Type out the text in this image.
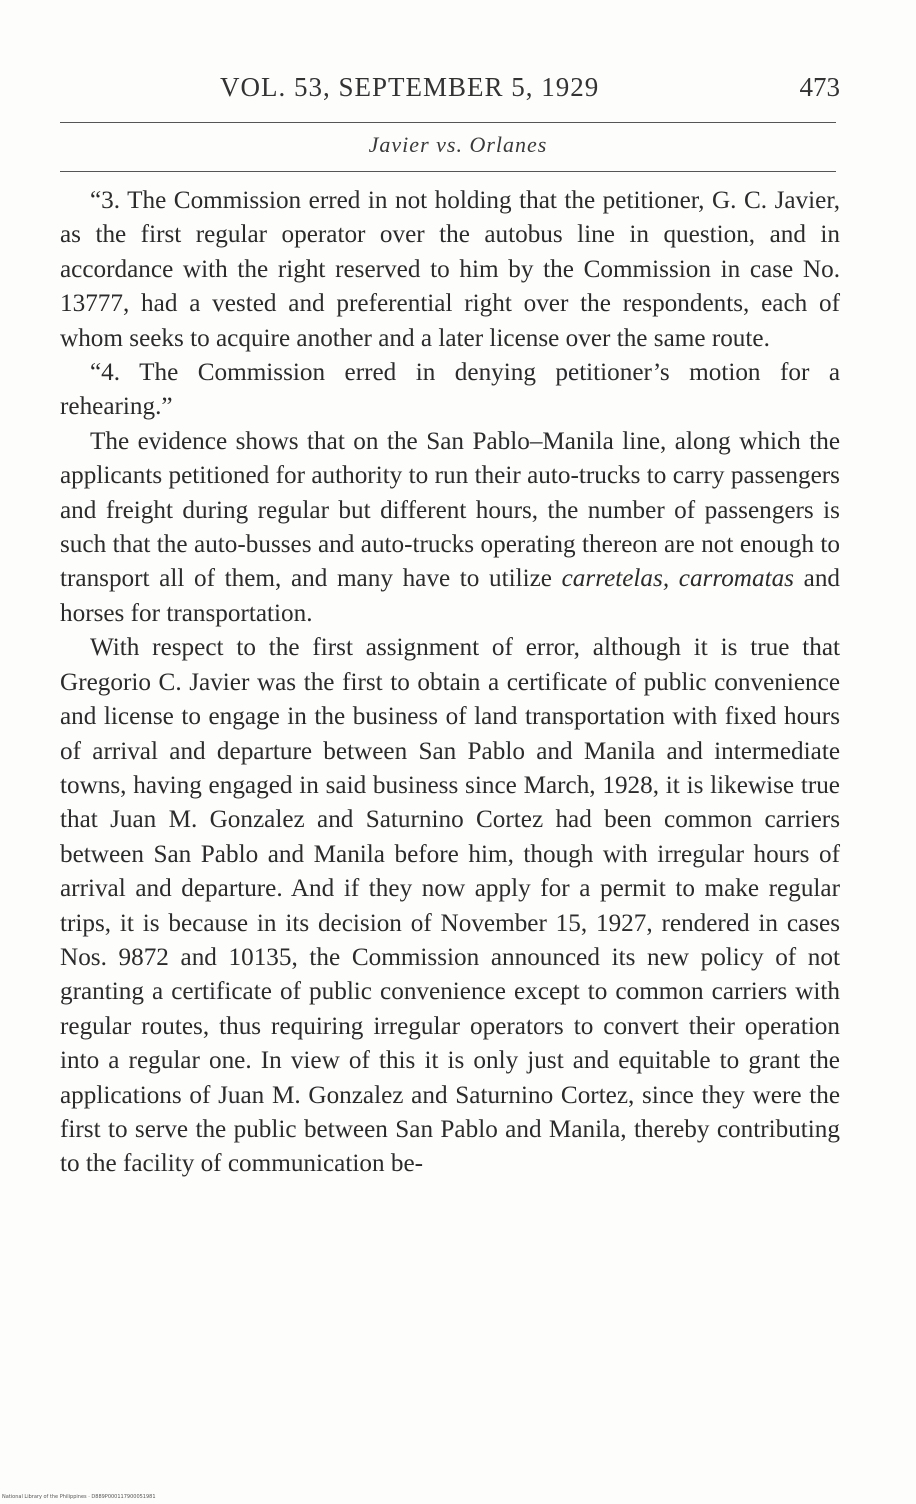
VOL. 53, SEPTEMBER 5, 1929	473
Javier vs. Orlanes

“3. The Commission erred in not holding that the petitioner, G. C. Javier, as the first regular operator over the autobus line in question, and in accordance with the right reserved to him by the Commission in case No. 13777, had a vested and preferential right over the respondents, each of whom seeks to acquire another and a later license over the same route.

“4. The Commission erred in denying petitioner’s motion for a rehearing.”

The evidence shows that on the San Pablo–Manila line, along which the applicants petitioned for authority to run their auto-trucks to carry passengers and freight during regular but different hours, the number of passengers is such that the auto-busses and auto-trucks operating thereon are not enough to transport all of them, and many have to utilize carretelas, carromatas and horses for transportation.

With respect to the first assignment of error, although it is true that Gregorio C. Javier was the first to obtain a certificate of public convenience and license to engage in the business of land transportation with fixed hours of arrival and departure between San Pablo and Manila and intermediate towns, having engaged in said business since March, 1928, it is likewise true that Juan M. Gonzalez and Saturnino Cortez had been common carriers between San Pablo and Manila before him, though with irregular hours of arrival and departure. And if they now apply for a permit to make regular trips, it is because in its decision of November 15, 1927, rendered in cases Nos. 9872 and 10135, the Commission announced its new policy of not granting a certificate of public convenience except to common carriers with regular routes, thus requiring irregular operators to convert their operation into a regular one. In view of this it is only just and equitable to grant the applications of Juan M. Gonzalez and Saturnino Cortez, since they were the first to serve the public between San Pablo and Manila, thereby contributing to the facility of communication be-

National Library of the Philippines · D889P000117900051981
